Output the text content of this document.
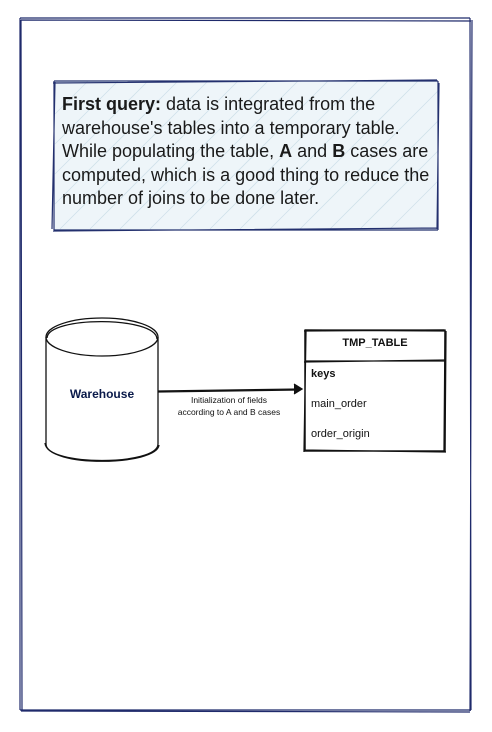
First query: data is integrated from the warehouse's tables into a temporary table. While populating the table, A and B cases are computed, which is a good thing to reduce the number of joins to be done later.
Warehouse	Initialization of fields
according to A and B cases
TMP_TABLE
keys
main_order
order_origin
